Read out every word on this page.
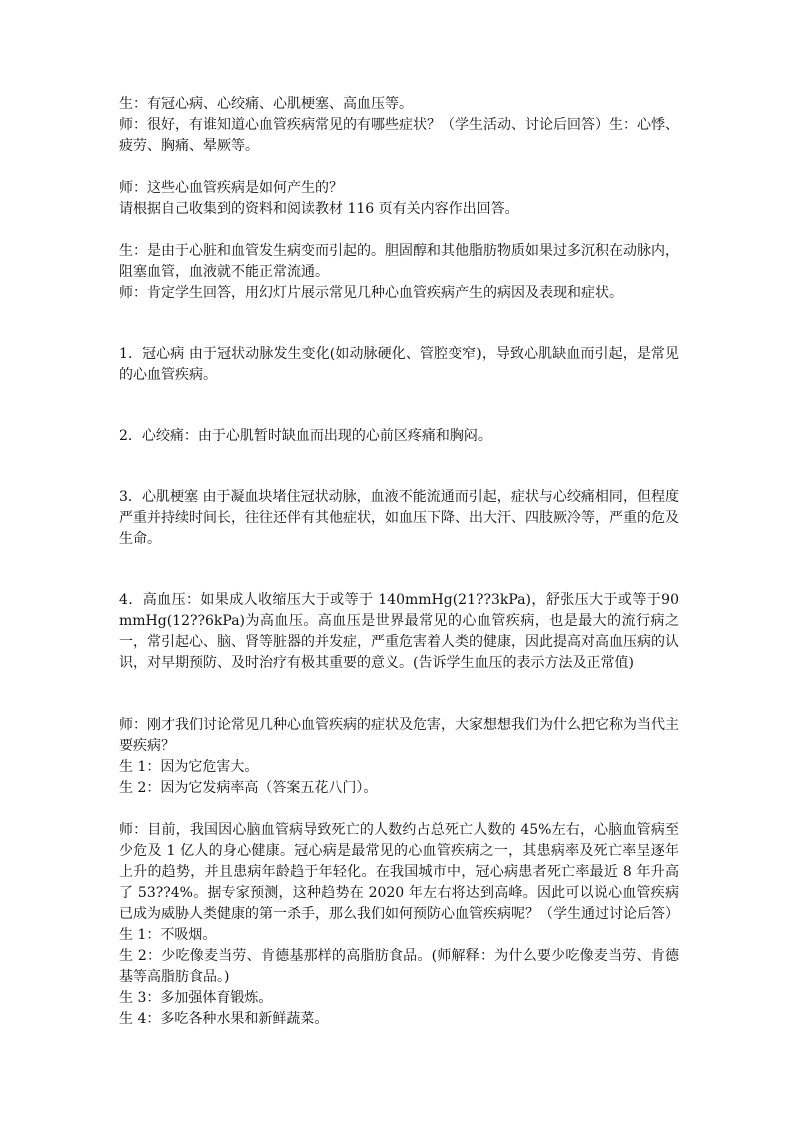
生：有冠心病、心绞痛、心肌梗塞、高血压等。

师：很好，有谁知道心血管疾病常见的有哪些症状？（学生活动、讨论后回答）生：心悸、疲劳、胸痛、晕厥等。

师：这些心血管疾病是如何产生的？

请根据自己收集到的资料和阅读教材 116 页有关内容作出回答。

生：是由于心脏和血管发生病变而引起的。胆固醇和其他脂肪物质如果过多沉积在动脉内，阻塞血管，血液就不能正常流通。

师：肯定学生回答，用幻灯片展示常见几种心血管疾病产生的病因及表现和症状。

1．冠心病 由于冠状动脉发生变化(如动脉硬化、管腔变窄)，导致心肌缺血而引起，是常见的心血管疾病。

2．心绞痛：由于心肌暂时缺血而出现的心前区疼痛和胸闷。

3．心肌梗塞 由于凝血块堵住冠状动脉，血液不能流通而引起，症状与心绞痛相同，但程度严重并持续时间长，往往还伴有其他症状，如血压下降、出大汗、四肢厥冷等，严重的危及生命。

4．高血压：如果成人收缩压大于或等于 140mmHg(21??3kPa)，舒张压大于或等于90mmHg(12??6kPa)为高血压。高血压是世界最常见的心血管疾病，也是最大的流行病之一，常引起心、脑、肾等脏器的并发症，严重危害着人类的健康，因此提高对高血压病的认识，对早期预防、及时治疗有极其重要的意义。(告诉学生血压的表示方法及正常值)

师：刚才我们讨论常见几种心血管疾病的症状及危害，大家想想我们为什么把它称为当代主要疾病？

生 1：因为它危害大。

生 2：因为它发病率高（答案五花八门）。

师：目前，我国因心脑血管病导致死亡的人数约占总死亡人数的 45%左右，心脑血管病至少危及 1 亿人的身心健康。冠心病是最常见的心血管疾病之一，其患病率及死亡率呈逐年上升的趋势，并且患病年龄趋于年轻化。在我国城市中，冠心病患者死亡率最近 8 年升高了 53??4%。据专家预测，这种趋势在 2020 年左右将达到高峰。因此可以说心血管疾病已成为威胁人类健康的第一杀手，那么我们如何预防心血管疾病呢？（学生通过讨论后答）

生 1：不吸烟。

生 2：少吃像麦当劳、肯德基那样的高脂肪食品。(师解释：为什么要少吃像麦当劳、肯德基等高脂肪食品。)

生 3：多加强体育锻炼。

生 4：多吃各种水果和新鲜蔬菜。
